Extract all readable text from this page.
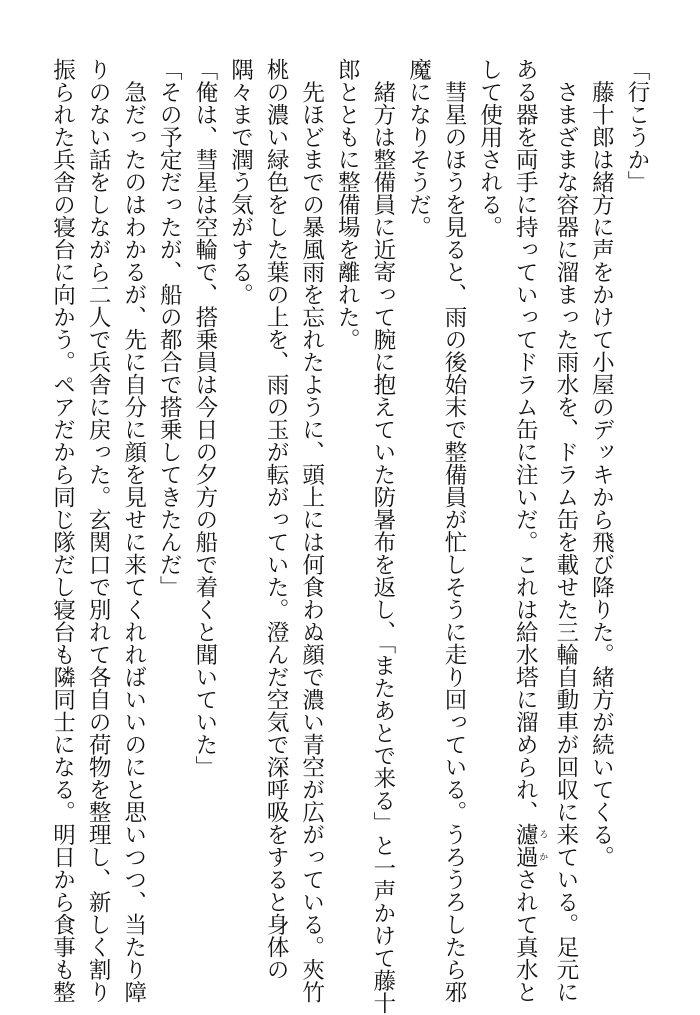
「行こうか」
　藤十郎は緒方に声をかけて小屋のデッキから飛び降りた。緒方が続いてくる。
　さまざまな容器に溜まった雨水を、ドラム缶を載せた三輪自動車が回収に来ている。足元に
ある器を両手に持っていってドラム缶に注いだ。これは給水塔に溜められ、濾過 ろかされて真水と
して使用される。
　彗星のほうを見ると、雨の後始末で整備員が忙しそうに走り回っている。うろうろしたら邪
魔になりそうだ。
　緒方は整備員に近寄って腕に抱えていた防暑布を返し、「またあとで来る」と一声かけて藤十
郎とともに整備場を離れた。
　先ほどまでの暴風雨を忘れたように、頭上には何食わぬ顔で濃い青空が広がっている。夾竹
桃の濃い緑色をした葉の上を、雨の玉が転がっていた。澄んだ空気で深呼吸をすると身体の
隅々まで潤う気がする。
「俺は、彗星は空輪で、搭乗員は今日の夕方の船で着くと聞いていた」
「その予定だったが、船の都合で搭乗してきたんだ」
　急だったのはわかるが、先に自分に顔を見せに来てくれればいいのにと思いつつ、当たり障
りのない話をしながら二人で兵舎に戻った。玄関口で別れて各自の荷物を整理し、新しく割り
振られた兵舎の寝台に向かう。ペアだから同じ隊だし寝台も隣同士になる。明日から食事も整
